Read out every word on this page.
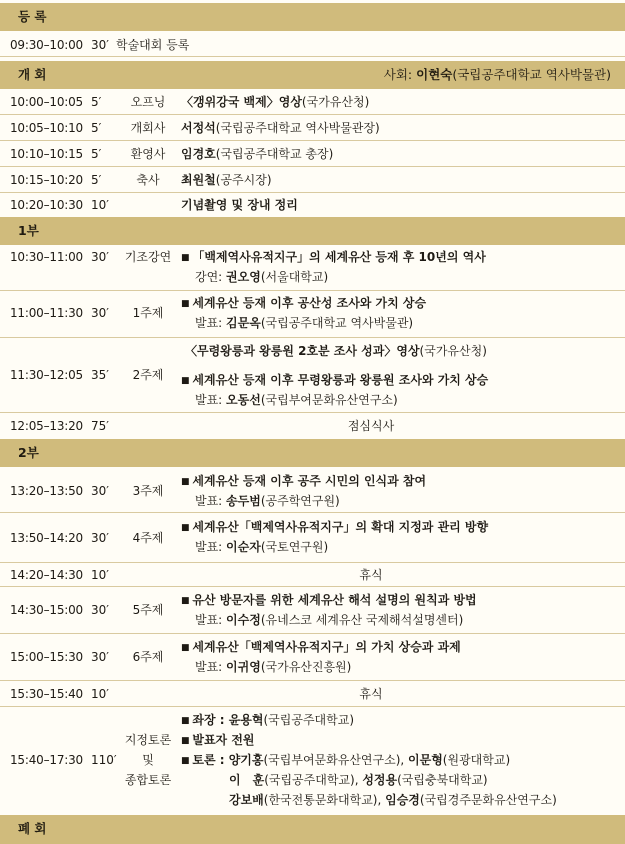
등 록
09:30–10:00 30′ 학술대회 등록
개 회	사회: 이현숙(국립공주대학교 역사박물관)
10:00–10:05 5′	오프닝	〈갱위강국 백제〉영상(국가유산청)
10:05–10:10 5′	개회사	서정석(국립공주대학교 역사박물관장)
10:10–10:15 5′	환영사	임경호(국립공주대학교 총장)
10:15–10:20 5′	축사	최원철(공주시장)
10:20–10:30 10′	기념촬영 및 장내 정리
1부
10:30–11:00 30′	기조강연
■	「백제역사유적지구」의 세계유산 등재 후 10년의 역사
강연: 권오영(서울대학교)
11:00–11:30 30′	1주제
■ 세계유산 등재 이후 공산성 조사와 가치 상승
발표: 김문옥(국립공주대학교 역사박물관)
11:30–12:05 35′	2주제
〈무령왕릉과 왕릉원 2호분 조사 성과〉영상(국가유산청)
■ 세계유산 등재 이후 무령왕릉과 왕릉원 조사와 가치 상승
발표: 오동선(국립부여문화유산연구소)
12:05–13:20 75′	점심식사
2부
13:20–13:50 30′	3주제
■ 세계유산 등재 이후 공주 시민의 인식과 참여
발표: 송두범(공주학연구원)
13:50–14:20 30′	4주제
■ 세계유산「백제역사유적지구」의 확대 지정과 관리 방향
발표: 이순자(국토연구원)
14:20–14:30 10′	휴식
14:30–15:00 30′	5주제
■ 유산 방문자를 위한 세계유산 해석 설명의 원칙과 방법
발표: 이수정(유네스코 세계유산 국제해석설명센터)
15:00–15:30 30′	6주제
■ 세계유산「백제역사유적지구」의 가치 상승과 과제
발표: 이귀영(국가유산진흥원)
15:30–15:40 10′	휴식
15:40–17:30 110′
지정토론
및
종합토론
■ 좌장 : 윤용혁(국립공주대학교)
■ 발표자 전원
■ 토론 : 양기홍(국립부여문화유산연구소), 이문형(원광대학교)
이　훈(국립공주대학교), 성정용(국립충북대학교)
강보배(한국전통문화대학교), 임승경(국립경주문화유산연구소)
폐 회
